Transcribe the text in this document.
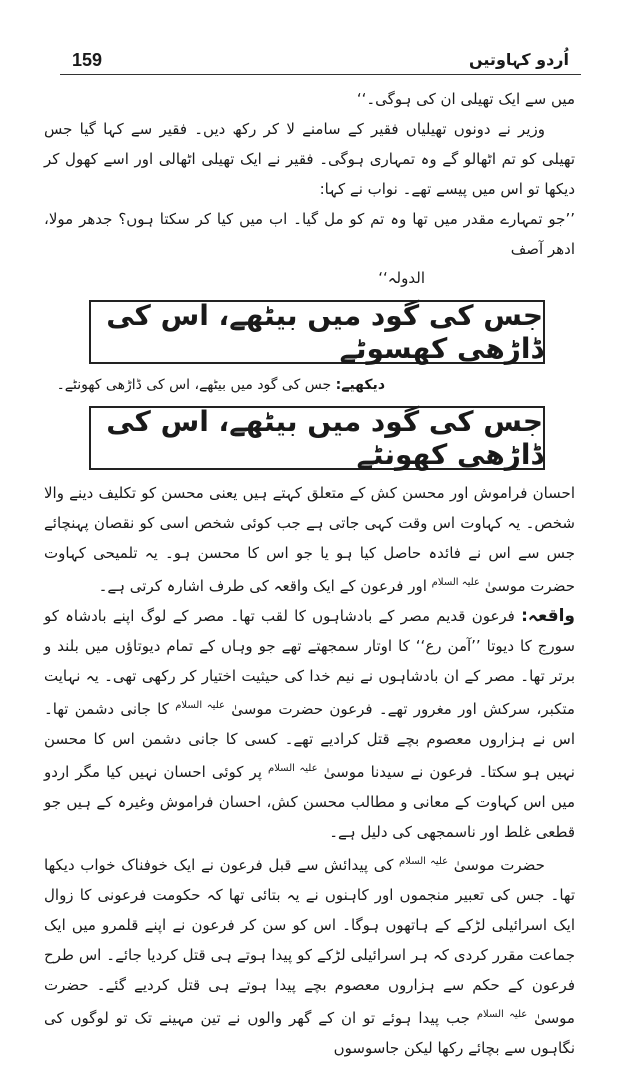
159	اُردو کہاوتیں

میں سے ایک تھیلی ان کی ہوگی۔‘‘

وزیر نے دونوں تھیلیاں فقیر کے سامنے لا کر رکھ دیں۔ فقیر سے کہا گیا جس تھیلی کو تم اٹھالو گے وہ تمہاری ہوگی۔ فقیر نے ایک تھیلی اٹھالی اور اسے کھول کر دیکھا تو اس میں پیسے تھے۔ نواب نے کہا:

’’جو تمہارے مقدر میں تھا وہ تم کو مل گیا۔ اب میں کیا کر سکتا ہوں؟ جدھر مولا، ادھر آصف

الدولہ‘‘

جس کی گود میں بیٹھے، اس کی ڈاڑھی کھسوٹے

دیکھیے: جس کی گود میں بیٹھے، اس کی ڈاڑھی کھونٹے۔

جس کی گود میں بیٹھے، اس کی ڈاڑھی کھونٹے

احسان فراموش اور محسن کش کے متعلق کہتے ہیں یعنی محسن کو تکلیف دینے والا شخص۔ یہ کہاوت اس وقت کہی جاتی ہے جب کوئی شخص اسی کو نقصان پہنچائے جس سے اس نے فائدہ حاصل کیا ہو یا جو اس کا محسن ہو۔ یہ تلمیحی کہاوت حضرت موسیٰ $^{علیہ السلام}$ اور فرعون کے ایک واقعہ کی طرف اشارہ کرتی ہے۔

واقعہ: فرعون قدیم مصر کے بادشاہوں کا لقب تھا۔ مصر کے لوگ اپنے بادشاہ کو سورج کا دیوتا ’’آمن رع‘‘ کا اوتار سمجھتے تھے جو وہاں کے تمام دیوتاؤں میں بلند و برتر تھا۔ مصر کے ان بادشاہوں نے نیم خدا کی حیثیت اختیار کر رکھی تھی۔ یہ نہایت متکبر، سرکش اور مغرور تھے۔ فرعون حضرت موسیٰ $^{علیہ السلام}$ کا جانی دشمن تھا۔ اس نے ہزاروں معصوم بچے قتل کرادیے تھے۔ کسی کا جانی دشمن اس کا محسن نہیں ہو سکتا۔ فرعون نے سیدنا موسیٰ $^{علیہ السلام}$ پر کوئی احسان نہیں کیا مگر اردو میں اس کہاوت کے معانی و مطالب محسن کش، احسان فراموش وغیرہ کے ہیں جو قطعی غلط اور ناسمجھی کی دلیل ہے۔

حضرت موسیٰ $^{علیہ السلام}$ کی پیدائش سے قبل فرعون نے ایک خوفناک خواب دیکھا تھا۔ جس کی تعبیر منجموں اور کاہنوں نے یہ بتائی تھا کہ حکومت فرعونی کا زوال ایک اسرائیلی لڑکے کے ہاتھوں ہوگا۔ اس کو سن کر فرعون نے اپنے قلمرو میں ایک جماعت مقرر کردی کہ ہر اسرائیلی لڑکے کو پیدا ہوتے ہی قتل کردیا جائے۔ اس طرح فرعون کے حکم سے ہزاروں معصوم بچے پیدا ہوتے ہی قتل کردیے گئے۔ حضرت موسیٰ $^{علیہ السلام}$ جب پیدا ہوئے تو ان کے گھر والوں نے تین مہینے تک تو لوگوں کی نگاہوں سے بچائے رکھا لیکن جاسوسوں
